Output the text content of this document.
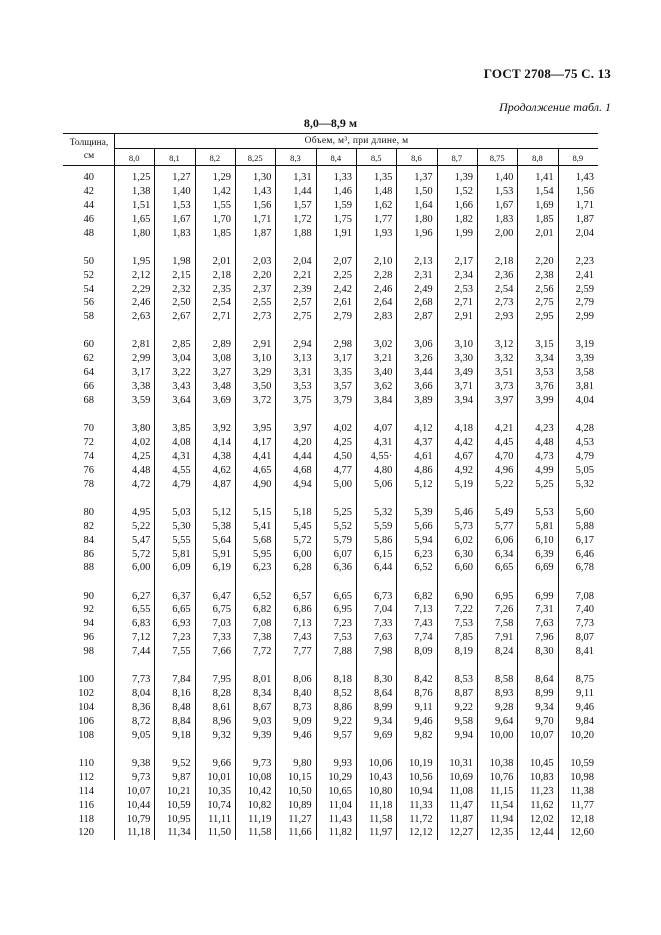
ГОСТ 2708—75 С. 13
Продолжение табл. 1
8,0—8,9 м
Толщина,
см
Объем, м³, при длине, м
8,0	8,1	8,2	8,25	8,3	8,4	8,5	8,6	8,7	8,75	8,8	8,9
40	1,25	1,27	1,29	1,30	1,31	1,33	1,35	1,37	1,39	1,40	1,41	1,43
42	1,38	1,40	1,42	1,43	1,44	1,46	1,48	1,50	1,52	1,53	1,54	1,56
44	1,51	1,53	1,55	1,56	1,57	1,59	1,62	1,64	1,66	1,67	1,69	1,71
46	1,65	1,67	1,70	1,71	1,72	1,75	1,77	1,80	1,82	1,83	1,85	1,87
48	1,80	1,83	1,85	1,87	1,88	1,91	1,93	1,96	1,99	2,00	2,01	2,04
50	1,95	1,98	2,01	2,03	2,04	2,07	2,10	2,13	2,17	2,18	2,20	2,23
52	2,12	2,15	2,18	2,20	2,21	2,25	2,28	2,31	2,34	2,36	2,38	2,41
54	2,29	2,32	2,35	2,37	2,39	2,42	2,46	2,49	2,53	2,54	2,56	2,59
56	2,46	2,50	2,54	2,55	2,57	2,61	2,64	2,68	2,71	2,73	2,75	2,79
58	2,63	2,67	2,71	2,73	2,75	2,79	2,83	2,87	2,91	2,93	2,95	2,99
60	2,81	2,85	2,89	2,91	2,94	2,98	3,02	3,06	3,10	3,12	3,15	3,19
62	2,99	3,04	3,08	3,10	3,13	3,17	3,21	3,26	3,30	3,32	3,34	3,39
64	3,17	3,22	3,27	3,29	3,31	3,35	3,40	3,44	3,49	3,51	3,53	3,58
66	3,38	3,43	3,48	3,50	3,53	3,57	3,62	3,66	3,71	3,73	3,76	3,81
68	3,59	3,64	3,69	3,72	3,75	3,79	3,84	3,89	3,94	3,97	3,99	4,04
70	3,80	3,85	3,92	3,95	3,97	4,02	4,07	4,12	4,18	4,21	4,23	4,28
72	4,02	4,08	4,14	4,17	4,20	4,25	4,31	4,37	4,42	4,45	4,48	4,53
74	4,25	4,31	4,38	4,41	4,44	4,50	4,55·	4,61	4,67	4,70	4,73	4,79
76	4,48	4,55	4,62	4,65	4,68	4,77	4,80	4,86	4,92	4,96	4,99	5,05
78	4,72	4,79	4,87	4,90	4,94	5,00	5,06	5,12	5,19	5,22	5,25	5,32
80	4,95	5,03	5,12	5,15	5,18	5,25	5,32	5,39	5,46	5,49	5,53	5,60
82	5,22	5,30	5,38	5,41	5,45	5,52	5,59	5,66	5,73	5,77	5,81	5,88
84	5,47	5,55	5,64	5,68	5,72	5,79	5,86	5,94	6,02	6,06	6,10	6,17
86	5,72	5,81	5,91	5,95	6,00	6,07	6,15	6,23	6,30	6,34	6,39	6,46
88	6,00	6,09	6,19	6,23	6,28	6,36	6,44	6,52	6,60	6,65	6,69	6,78
90	6,27	6,37	6,47	6,52	6,57	6,65	6,73	6,82	6,90	6,95	6,99	7,08
92	6,55	6,65	6,75	6,82	6,86	6,95	7,04	7,13	7,22	7,26	7,31	7,40
94	6,83	6,93	7,03	7,08	7,13	7,23	7,33	7,43	7,53	7,58	7,63	7,73
96	7,12	7,23	7,33	7,38	7,43	7,53	7,63	7,74	7,85	7,91	7,96	8,07
98	7,44	7,55	7,66	7,72	7,77	7,88	7,98	8,09	8,19	8,24	8,30	8,41
100	7,73	7,84	7,95	8,01	8,06	8,18	8,30	8,42	8,53	8,58	8,64	8,75
102	8,04	8,16	8,28	8,34	8,40	8,52	8,64	8,76	8,87	8,93	8,99	9,11
104	8,36	8,48	8,61	8,67	8,73	8,86	8,99	9,11	9,22	9,28	9,34	9,46
106	8,72	8,84	8,96	9,03	9,09	9,22	9,34	9,46	9,58	9,64	9,70	9,84
108	9,05	9,18	9,32	9,39	9,46	9,57	9,69	9,82	9,94	10,00	10,07	10,20
110	9,38	9,52	9,66	9,73	9,80	9,93	10,06	10,19	10,31	10,38	10,45	10,59
112	9,73	9,87	10,01	10,08	10,15	10,29	10,43	10,56	10,69	10,76	10,83	10,98
114	10,07	10,21	10,35	10,42	10,50	10,65	10,80	10,94	11,08	11,15	11,23	11,38
116	10,44	10,59	10,74	10,82	10,89	11,04	11,18	11,33	11,47	11,54	11,62	11,77
118	10,79	10,95	11,11	11,19	11,27	11,43	11,58	11,72	11,87	11,94	12,02	12,18
120	11,18	11,34	11,50	11,58	11,66	11,82	11,97	12,12	12,27	12,35	12,44	12,60
